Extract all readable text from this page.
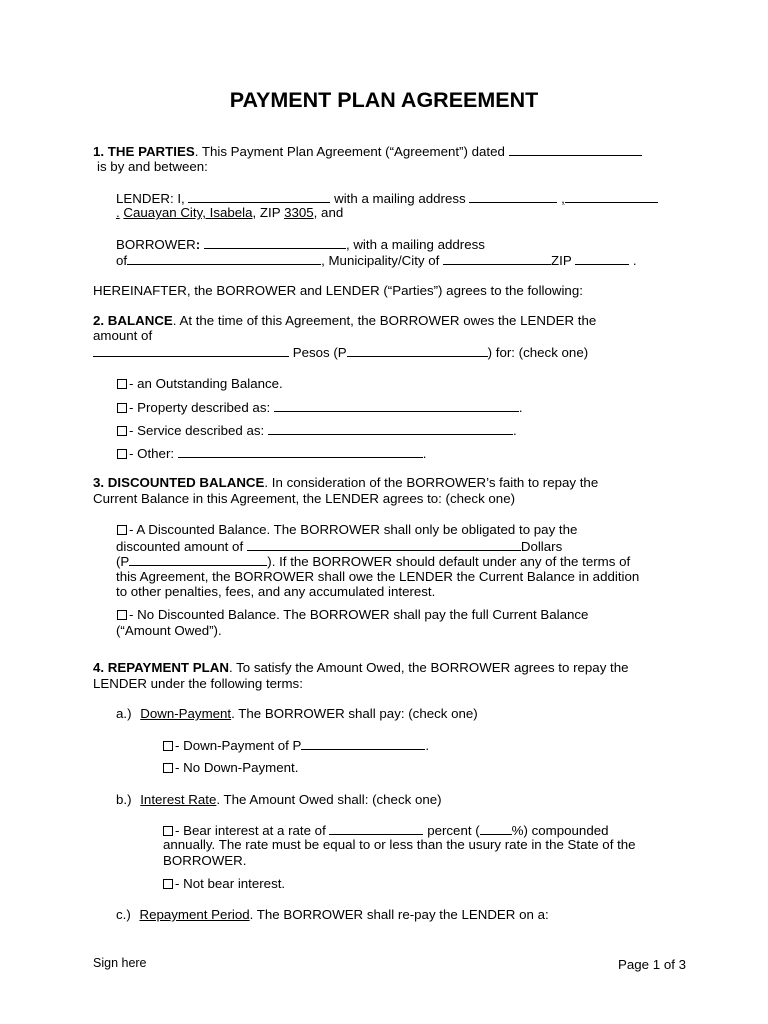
PAYMENT PLAN AGREEMENT
1. THE PARTIES. This Payment Plan Agreement (“Agreement”) dated
is by and between:
LENDER: I,	with a mailing address	,
. Cauayan City, Isabela, ZIP 3305, and
BORROWER:	, with a mailing address
of	, Municipality/City of	ZIP	.
HEREINAFTER, the BORROWER and LENDER (“Parties”) agrees to the following:
2. BALANCE. At the time of this Agreement, the BORROWER owes the LENDER the
amount of
Pesos (P	) for: (check one)
- an Outstanding Balance.
- Property described as:	.
- Service described as:	.
- Other:	.
3. DISCOUNTED BALANCE. In consideration of the BORROWER’s faith to repay the
Current Balance in this Agreement, the LENDER agrees to: (check one)
- A Discounted Balance. The BORROWER shall only be obligated to pay the
discounted amount of	Dollars
(P	). If the BORROWER should default under any of the terms of
this Agreement, the BORROWER shall owe the LENDER the Current Balance in addition
to other penalties, fees, and any accumulated interest.
- No Discounted Balance. The BORROWER shall pay the full Current Balance
(“Amount Owed”).
4. REPAYMENT PLAN. To satisfy the Amount Owed, the BORROWER agrees to repay the
LENDER under the following terms:
a.) Down-Payment. The BORROWER shall pay: (check one)
- Down-Payment of P	.
- No Down-Payment.
b.) Interest Rate. The Amount Owed shall: (check one)
- Bear interest at a rate of	percent ( %) compounded
annually. The rate must be equal to or less than the usury rate in the State of the
BORROWER.
- Not bear interest.
c.) Repayment Period. The BORROWER shall re-pay the LENDER on a:
Sign here	Page 1 of 3
